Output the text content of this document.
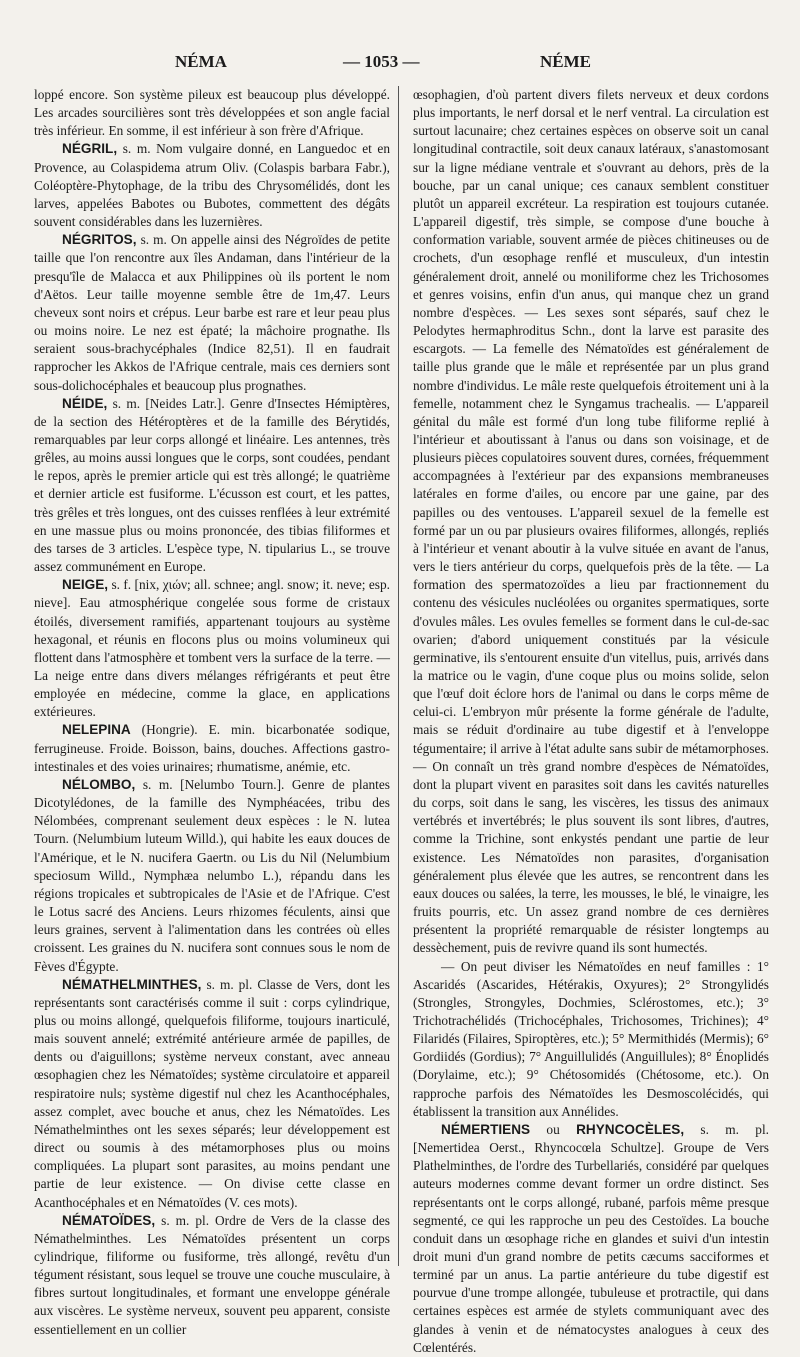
NÉMA	— 1053 —	NÉME

loppé encore. Son système pileux est beaucoup plus développé. Les arcades sourcilières sont très développées et son angle facial très inférieur. En somme, il est inférieur à son frère d'Afrique.

NÉGRIL, s. m. Nom vulgaire donné, en Languedoc et en Provence, au Colaspidema atrum Oliv. (Colaspis barbara Fabr.), Coléoptère-Phytophage, de la tribu des Chrysomélidés, dont les larves, appelées Babotes ou Bubotes, commettent des dégâts souvent considérables dans les luzernières.

NÉGRITOS, s. m. On appelle ainsi des Négroïdes de petite taille que l'on rencontre aux îles Andaman, dans l'intérieur de la presqu'île de Malacca et aux Philippines où ils portent le nom d'Aëtos. Leur taille moyenne semble être de 1m,47. Leurs cheveux sont noirs et crépus. Leur barbe est rare et leur peau plus ou moins noire. Le nez est épaté; la mâchoire prognathe. Ils seraient sous-brachycéphales (Indice 82,51). Il en faudrait rapprocher les Akkos de l'Afrique centrale, mais ces derniers sont sous-dolichocéphales et beaucoup plus prognathes.

NÉIDE, s. m. [Neides Latr.]. Genre d'Insectes Hémiptères, de la section des Hétéroptères et de la famille des Bérytidés, remarquables par leur corps allongé et linéaire. Les antennes, très grêles, au moins aussi longues que le corps, sont coudées, pendant le repos, après le premier article qui est très allongé; le quatrième et dernier article est fusiforme. L'écusson est court, et les pattes, très grêles et très longues, ont des cuisses renflées à leur extrémité en une massue plus ou moins prononcée, des tibias filiformes et des tarses de 3 articles. L'espèce type, N. tipularius L., se trouve assez communément en Europe.

NEIGE, s. f. [nix, χιών; all. schnee; angl. snow; it. neve; esp. nieve]. Eau atmosphérique congelée sous forme de cristaux étoilés, diversement ramifiés, appartenant toujours au système hexagonal, et réunis en flocons plus ou moins volumineux qui flottent dans l'atmosphère et tombent vers la surface de la terre. — La neige entre dans divers mélanges réfrigérants et peut être employée en médecine, comme la glace, en applications extérieures.

NELEPINA (Hongrie). E. min. bicarbonatée sodique, ferrugineuse. Froide. Boisson, bains, douches. Affections gastro-intestinales et des voies urinaires; rhumatisme, anémie, etc.

NÉLOMBO, s. m. [Nelumbo Tourn.]. Genre de plantes Dicotylédones, de la famille des Nymphéacées, tribu des Nélombées, comprenant seulement deux espèces : le N. lutea Tourn. (Nelumbium luteum Willd.), qui habite les eaux douces de l'Amérique, et le N. nucifera Gaertn. ou Lis du Nil (Nelumbium speciosum Willd., Nymphæa nelumbo L.), répandu dans les régions tropicales et subtropicales de l'Asie et de l'Afrique. C'est le Lotus sacré des Anciens. Leurs rhizomes féculents, ainsi que leurs graines, servent à l'alimentation dans les contrées où elles croissent. Les graines du N. nucifera sont connues sous le nom de Fèves d'Égypte.

NÉMATHELMINTHES, s. m. pl. Classe de Vers, dont les représentants sont caractérisés comme il suit : corps cylindrique, plus ou moins allongé, quelquefois filiforme, toujours inarticulé, mais souvent annelé; extrémité antérieure armée de papilles, de dents ou d'aiguillons; système nerveux constant, avec anneau œsophagien chez les Nématoïdes; système circulatoire et appareil respiratoire nuls; système digestif nul chez les Acanthocéphales, assez complet, avec bouche et anus, chez les Nématoïdes. Les Némathelminthes ont les sexes séparés; leur développement est direct ou soumis à des métamorphoses plus ou moins compliquées. La plupart sont parasites, au moins pendant une partie de leur existence. — On divise cette classe en Acanthocéphales et en Nématoïdes (V. ces mots).

NÉMATOÏDES, s. m. pl. Ordre de Vers de la classe des Némathelminthes. Les Nématoïdes présentent un corps cylindrique, filiforme ou fusiforme, très allongé, revêtu d'un tégument résistant, sous lequel se trouve une couche musculaire, à fibres surtout longitudinales, et formant une enveloppe générale aux viscères. Le système nerveux, souvent peu apparent, consiste essentiellement en un collier

œsophagien, d'où partent divers filets nerveux et deux cordons plus importants, le nerf dorsal et le nerf ventral. La circulation est surtout lacunaire; chez certaines espèces on observe soit un canal longitudinal contractile, soit deux canaux latéraux, s'anastomosant sur la ligne médiane ventrale et s'ouvrant au dehors, près de la bouche, par un canal unique; ces canaux semblent constituer plutôt un appareil excréteur. La respiration est toujours cutanée. L'appareil digestif, très simple, se compose d'une bouche à conformation variable, souvent armée de pièces chitineuses ou de crochets, d'un œsophage renflé et musculeux, d'un intestin généralement droit, annelé ou moniliforme chez les Trichosomes et genres voisins, enfin d'un anus, qui manque chez un grand nombre d'espèces. — Les sexes sont séparés, sauf chez le Pelodytes hermaphroditus Schn., dont la larve est parasite des escargots. — La femelle des Nématoïdes est généralement de taille plus grande que le mâle et représentée par un plus grand nombre d'individus. Le mâle reste quelquefois étroitement uni à la femelle, notamment chez le Syngamus trachealis. — L'appareil génital du mâle est formé d'un long tube filiforme replié à l'intérieur et aboutissant à l'anus ou dans son voisinage, et de plusieurs pièces copulatoires souvent dures, cornées, fréquemment accompagnées à l'extérieur par des expansions membraneuses latérales en forme d'ailes, ou encore par une gaine, par des papilles ou des ventouses. L'appareil sexuel de la femelle est formé par un ou par plusieurs ovaires filiformes, allongés, repliés à l'intérieur et venant aboutir à la vulve située en avant de l'anus, vers le tiers antérieur du corps, quelquefois près de la tête. — La formation des spermatozoïdes a lieu par fractionnement du contenu des vésicules nucléolées ou organites spermatiques, sorte d'ovules mâles. Les ovules femelles se forment dans le cul-de-sac ovarien; d'abord uniquement constitués par la vésicule germinative, ils s'entourent ensuite d'un vitellus, puis, arrivés dans la matrice ou le vagin, d'une coque plus ou moins solide, selon que l'œuf doit éclore hors de l'animal ou dans le corps même de celui-ci. L'embryon mûr présente la forme générale de l'adulte, mais se réduit d'ordinaire au tube digestif et à l'enveloppe tégumentaire; il arrive à l'état adulte sans subir de métamorphoses. — On connaît un très grand nombre d'espèces de Nématoïdes, dont la plupart vivent en parasites soit dans les cavités naturelles du corps, soit dans le sang, les viscères, les tissus des animaux vertébrés et invertébrés; le plus souvent ils sont libres, d'autres, comme la Trichine, sont enkystés pendant une partie de leur existence. Les Nématoïdes non parasites, d'organisation généralement plus élevée que les autres, se rencontrent dans les eaux douces ou salées, la terre, les mousses, le blé, le vinaigre, les fruits pourris, etc. Un assez grand nombre de ces dernières présentent la propriété remarquable de résister longtemps au dessèchement, puis de revivre quand ils sont humectés.

— On peut diviser les Nématoïdes en neuf familles : 1° Ascaridés (Ascarides, Hétérakis, Oxyures); 2° Strongylidés (Strongles, Strongyles, Dochmies, Sclérostomes, etc.); 3° Trichotrachélidés (Trichocéphales, Trichosomes, Trichines); 4° Filaridés (Filaires, Spiroptères, etc.); 5° Mermithidés (Mermis); 6° Gordiidés (Gordius); 7° Anguillulidés (Anguillules); 8° Énoplidés (Dorylaime, etc.); 9° Chétosomidés (Chétosome, etc.). On rapproche parfois des Nématoïdes les Desmoscolécidés, qui établissent la transition aux Annélides.

NÉMERTIENS ou RHYNCOCÈLES, s. m. pl. [Nemertidea Oerst., Rhyncocœla Schultze]. Groupe de Vers Plathelminthes, de l'ordre des Turbellariés, considéré par quelques auteurs modernes comme devant former un ordre distinct. Ses représentants ont le corps allongé, rubané, parfois même presque segmenté, ce qui les rapproche un peu des Cestoïdes. La bouche conduit dans un œsophage riche en glandes et suivi d'un intestin droit muni d'un grand nombre de petits cæcums sacciformes et terminé par un anus. La partie antérieure du tube digestif est pourvue d'une trompe allongée, tubuleuse et protractile, qui dans certaines espèces est armée de stylets communiquant avec des glandes à venin et de nématocystes analogues à ceux des Cœlentérés.
